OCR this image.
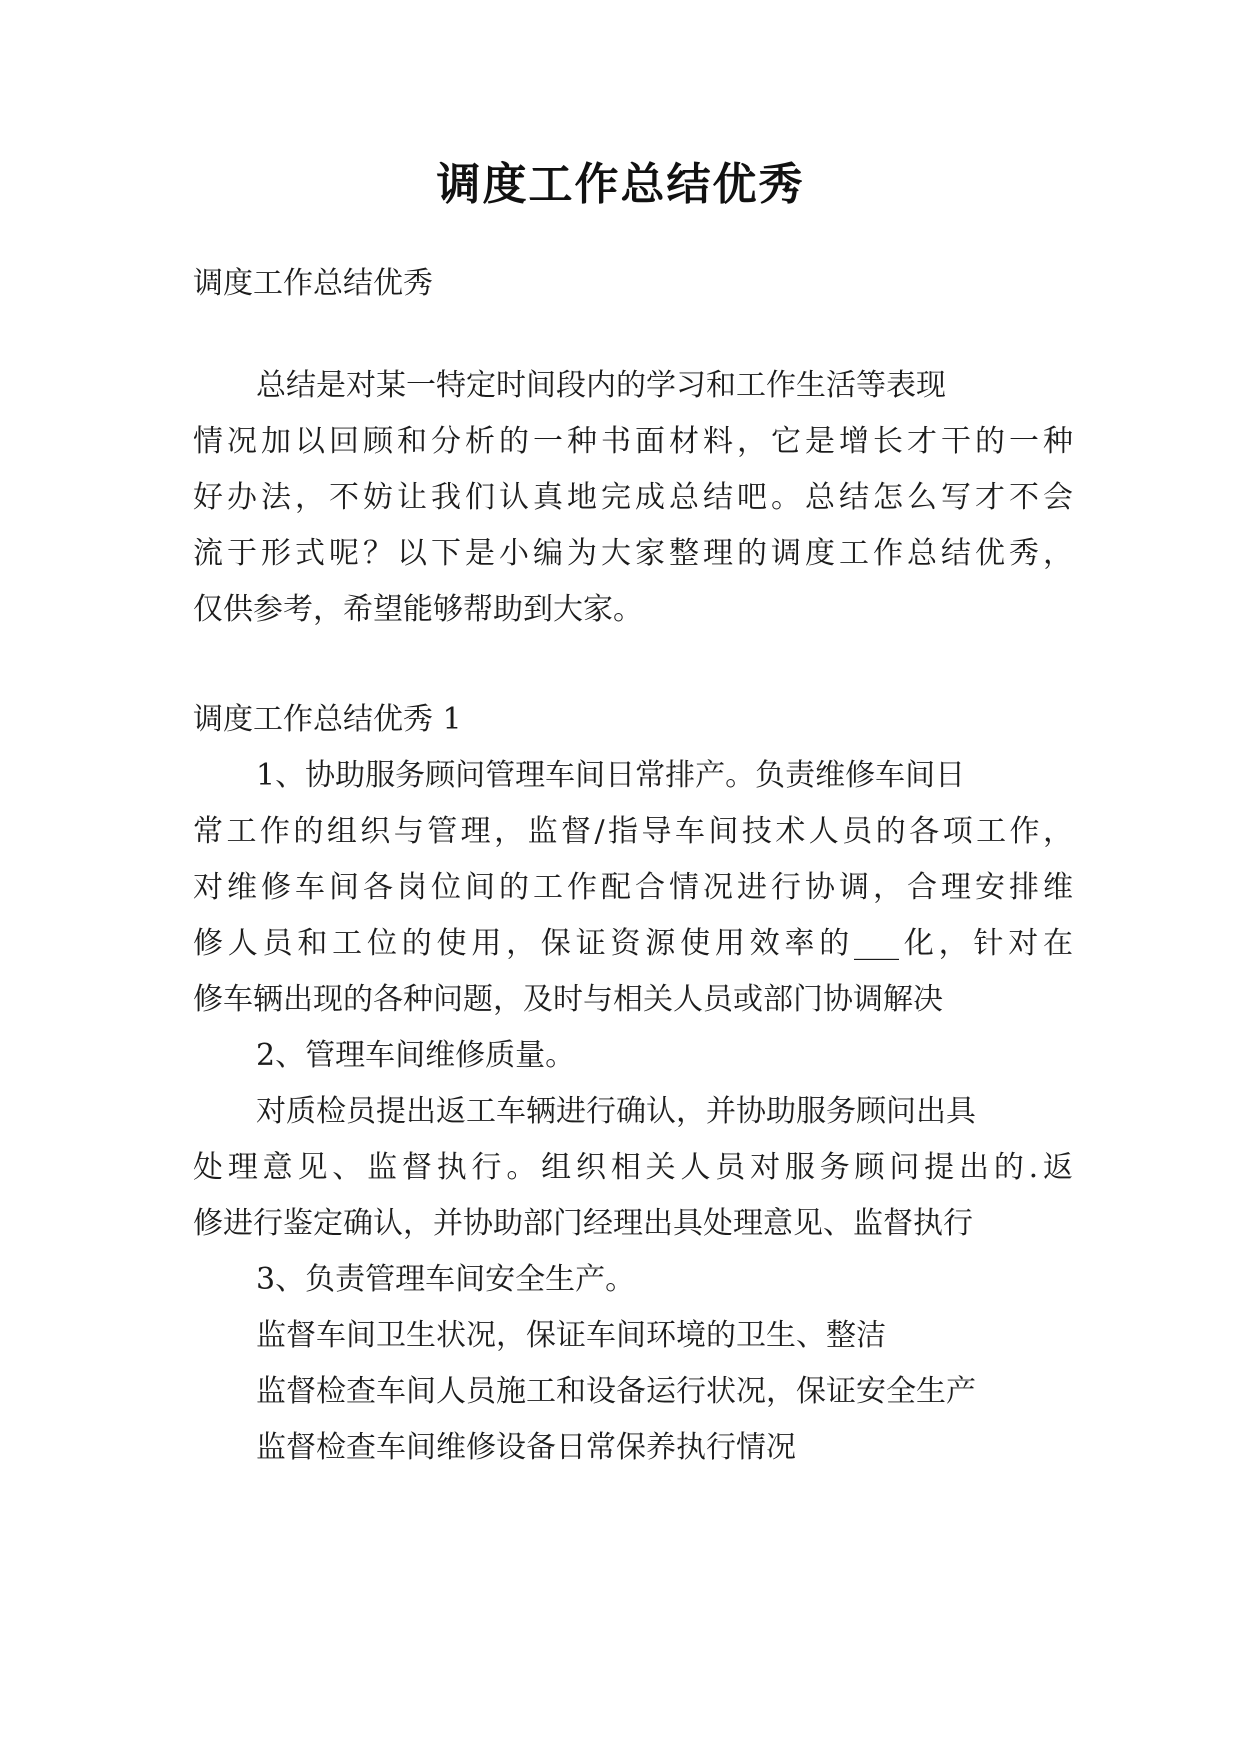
调度工作总结优秀
调度工作总结优秀
总结是对某一特定时间段内的学习和工作生活等表现
情况加以回顾和分析的一种书面材料，它是增长才干的一种
好办法，不妨让我们认真地完成总结吧。总结怎么写才不会
流于形式呢？以下是小编为大家整理的调度工作总结优秀，
仅供参考，希望能够帮助到大家。
调度工作总结优秀 1
1、协助服务顾问管理车间日常排产。负责维修车间日
常工作的组织与管理，监督/指导车间技术人员的各项工作，
对维修车间各岗位间的工作配合情况进行协调，合理安排维
修人员和工位的使用，保证资源使用效率的___化，针对在
修车辆出现的各种问题，及时与相关人员或部门协调解决
2、管理车间维修质量。
对质检员提出返工车辆进行确认，并协助服务顾问出具
处理意见、监督执行。组织相关人员对服务顾问提出的.返
修进行鉴定确认，并协助部门经理出具处理意见、监督执行
3、负责管理车间安全生产。
监督车间卫生状况，保证车间环境的卫生、整洁
监督检查车间人员施工和设备运行状况，保证安全生产
监督检查车间维修设备日常保养执行情况
